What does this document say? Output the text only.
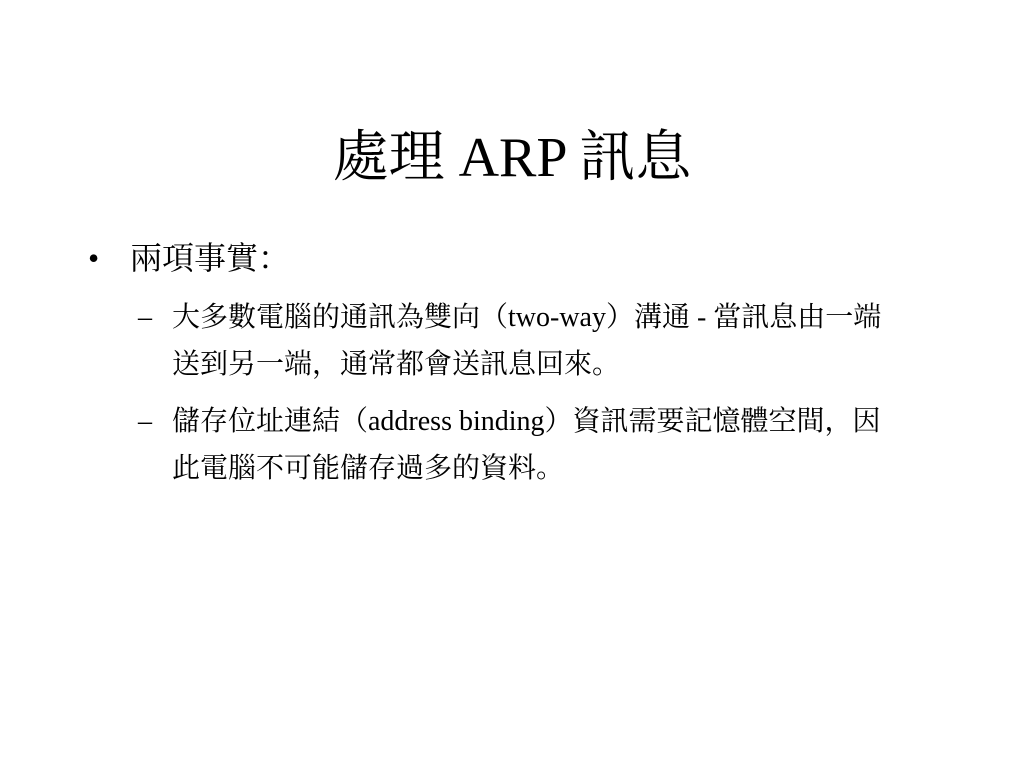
處理 ARP 訊息
• 兩項事實：
– 大多數電腦的通訊為雙向（two-way）溝通 - 當訊息由一端送到另一端，通常都會送訊息回來。
– 儲存位址連結（address binding）資訊需要記憶體空間，因此電腦不可能儲存過多的資料。
